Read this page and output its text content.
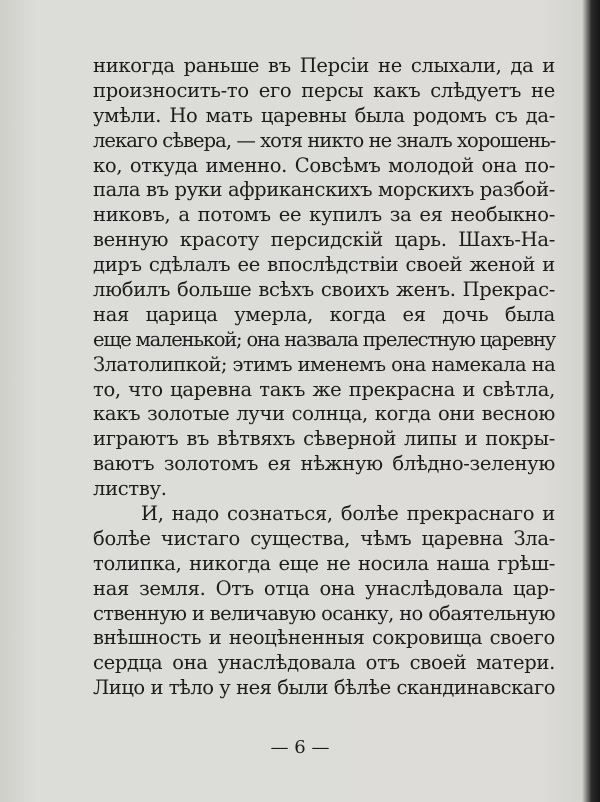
никогда раньше въ Персіи не слыхали, да и
произносить-то его персы какъ слѣдуетъ не
умѣли. Но мать царевны была родомъ съ да-
лекаго сѣвера, — хотя никто не зналъ хорошень-
ко, откуда именно. Совсѣмъ молодой она по-
пала въ руки африканскихъ морскихъ разбой-
никовъ, а потомъ ее купилъ за ея необыкно-
венную красоту персидскій царь. Шахъ-На-
диръ сдѣлалъ ее впослѣдствіи своей женой и
любилъ больше всѣхъ своихъ женъ. Прекрас-
ная царица умерла, когда ея дочь была
еще маленькой; она назвала прелестную царевну
Златолипкой; этимъ именемъ она намекала на
то, что царевна такъ же прекрасна и свѣтла,
какъ золотые лучи солнца, когда они весною
играютъ въ вѣтвяхъ сѣверной липы и покры-
ваютъ золотомъ ея нѣжную блѣдно-зеленую
листву.
И, надо сознаться, болѣе прекраснаго и
болѣе чистаго существа, чѣмъ царевна Зла-
толипка, никогда еще не носила наша грѣш-
ная земля. Отъ отца она унаслѣдовала цар-
ственную и величавую осанку, но обаятельную
внѣшность и неоцѣненныя сокровища своего
сердца она унаслѣдовала отъ своей матери.
Лицо и тѣло у нея были бѣлѣе скандинавскаго
— 6 —
